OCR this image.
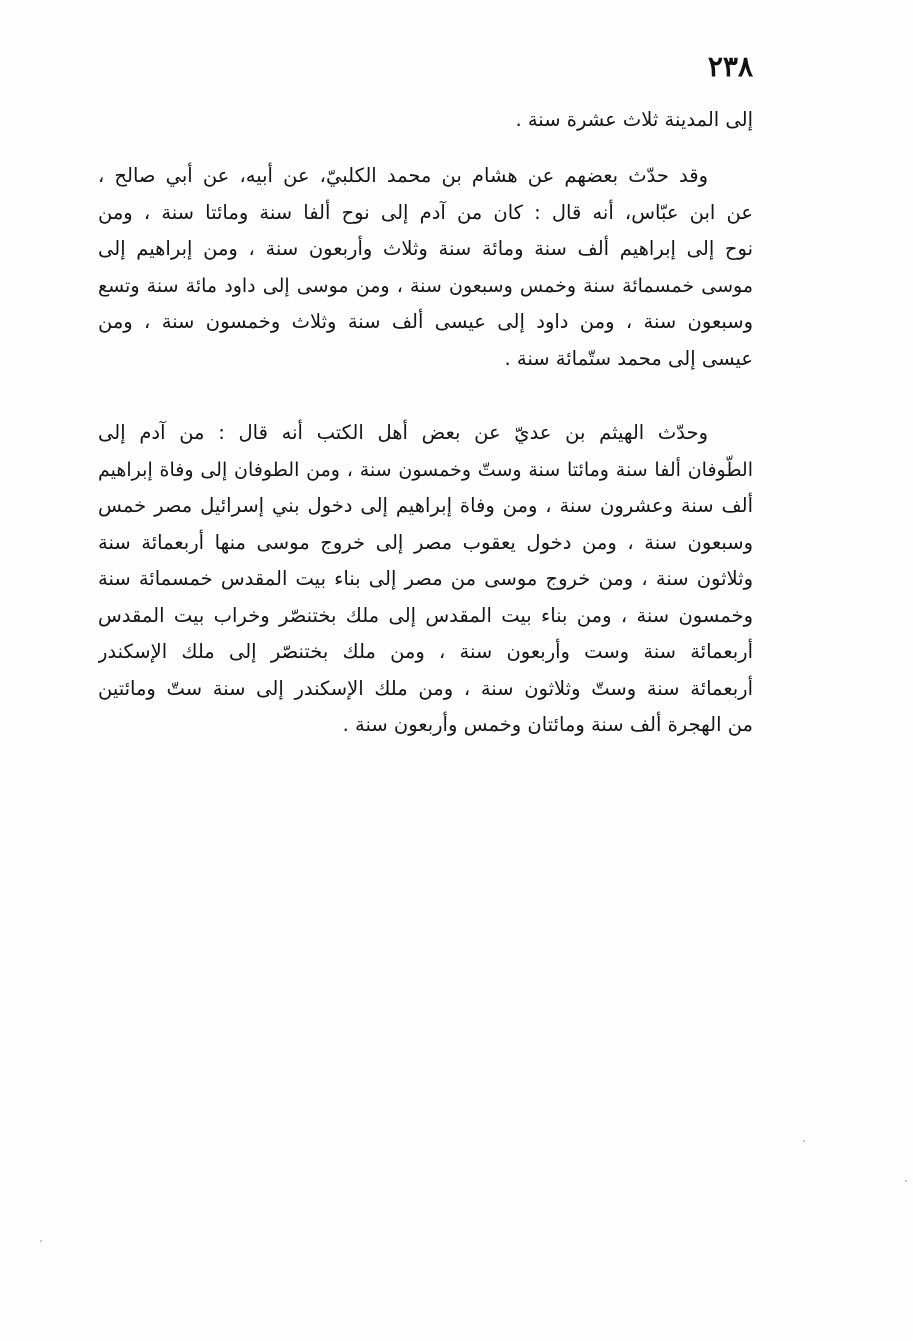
٢٣٨
إلى المدينة ثلاث عشرة سنة .
وقد حدّث بعضهم عن هشام بن محمد الكلبيّ، عن أبيه، عن أبي صالح ،
عن ابن عبّاس، أنه قال : كان من آدم إلى نوح ألفا سنة ومائتا سنة ، ومن
نوح إلى إبراهيم ألف سنة ومائة سنة وثلاث وأربعون سنة ، ومن إبراهيم إلى
موسى خمسمائة سنة وخمس وسبعون سنة ، ومن موسى إلى داود مائة سنة وتسع
وسبعون سنة ، ومن داود إلى عيسى ألف سنة وثلاث وخمسون سنة ، ومن
عيسى إلى محمد ستّمائة سنة .
وحدّث الهيثم بن عديّ عن بعض أهل الكتب أنه قال : من آدم إلى
الطّوفان ألفا سنة ومائتا سنة وستّ وخمسون سنة ، ومن الطوفان إلى وفاة إبراهيم
ألف سنة وعشرون سنة ، ومن وفاة إبراهيم إلى دخول بني إسرائيل مصر خمس
وسبعون سنة ، ومن دخول يعقوب مصر إلى خروج موسى منها أربعمائة سنة
وثلاثون سنة ، ومن خروج موسى من مصر إلى بناء بيت المقدس خمسمائة سنة
وخمسون سنة ، ومن بناء بيت المقدس إلى ملك بختنصّر وخراب بيت المقدس
أربعمائة سنة وست وأربعون سنة ، ومن ملك بختنصّر إلى ملك الإسكندر
أربعمائة سنة وستّ وثلاثون سنة ، ومن ملك الإسكندر إلى سنة ستّ ومائتين
من الهجرة ألف سنة ومائتان وخمس وأربعون سنة .
